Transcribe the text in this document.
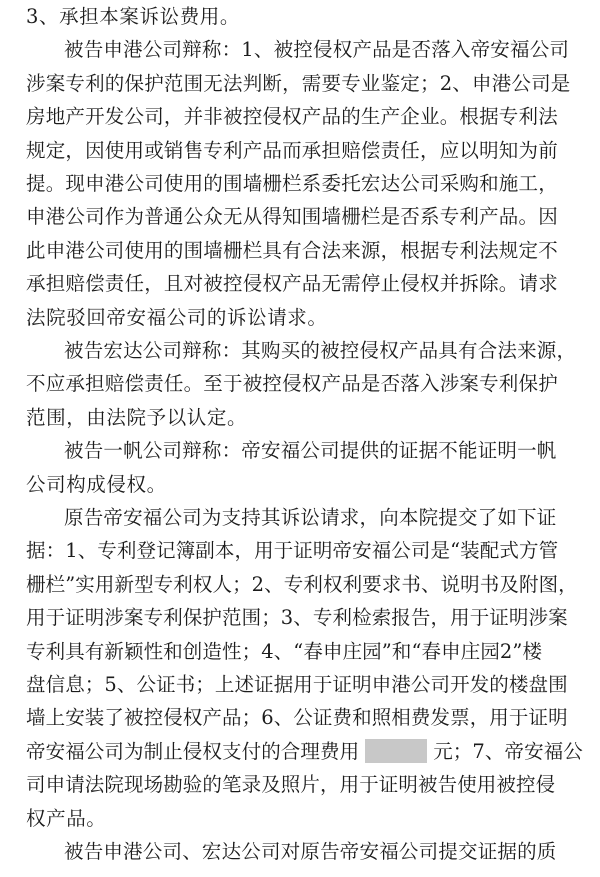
3、承担本案诉讼费用。

被告申港公司辩称：1、被控侵权产品是否落入帝安福公司

涉案专利的保护范围无法判断，需要专业鉴定；2、申港公司是

房地产开发公司，并非被控侵权产品的生产企业。根据专利法

规定，因使用或销售专利产品而承担赔偿责任，应以明知为前

提。现申港公司使用的围墙栅栏系委托宏达公司采购和施工，

申港公司作为普通公众无从得知围墙栅栏是否系专利产品。因

此申港公司使用的围墙栅栏具有合法来源，根据专利法规定不

承担赔偿责任，且对被控侵权产品无需停止侵权并拆除。请求

法院驳回帝安福公司的诉讼请求。

被告宏达公司辩称：其购买的被控侵权产品具有合法来源，

不应承担赔偿责任。至于被控侵权产品是否落入涉案专利保护

范围，由法院予以认定。

被告一帆公司辩称：帝安福公司提供的证据不能证明一帆

公司构成侵权。

原告帝安福公司为支持其诉讼请求，向本院提交了如下证

据：1、专利登记簿副本，用于证明帝安福公司是“装配式方管

栅栏”实用新型专利权人；2、专利权利要求书、说明书及附图，

用于证明涉案专利保护范围；3、专利检索报告，用于证明涉案

专利具有新颖性和创造性；4、“春申庄园”和“春申庄园2”楼

盘信息；5、公证书；上述证据用于证明申港公司开发的楼盘围

墙上安装了被控侵权产品；6、公证费和照相费发票，用于证明

帝安福公司为制止侵权支付的合理费用	元；7、帝安福公

司申请法院现场勘验的笔录及照片，用于证明被告使用被控侵

权产品。

被告申港公司、宏达公司对原告帝安福公司提交证据的质
